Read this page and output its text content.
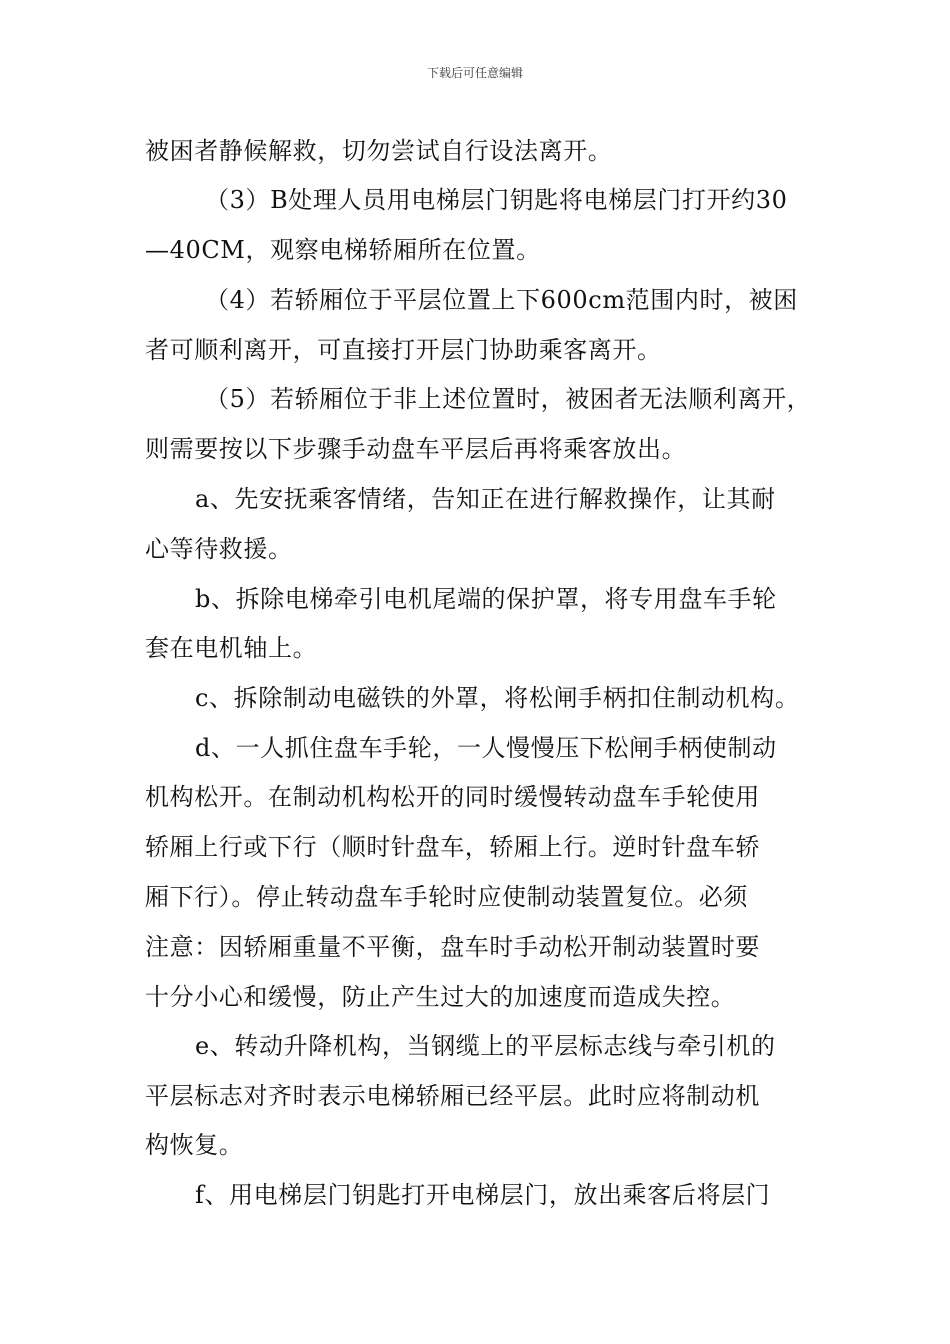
下载后可任意编辑
被困者静候解救，切勿尝试自行设法离开。
（3）B处理人员用电梯层门钥匙将电梯层门打开约30
—40CM，观察电梯轿厢所在位置。
（4）若轿厢位于平层位置上下600cm范围内时，被困
者可顺利离开，可直接打开层门协助乘客离开。
（5）若轿厢位于非上述位置时，被困者无法顺利离开，
则需要按以下步骤手动盘车平层后再将乘客放出。
a、先安抚乘客情绪，告知正在进行解救操作，让其耐
心等待救援。
b、拆除电梯牵引电机尾端的保护罩，将专用盘车手轮
套在电机轴上。
c、拆除制动电磁铁的外罩，将松闸手柄扣住制动机构。
d、一人抓住盘车手轮，一人慢慢压下松闸手柄使制动
机构松开。在制动机构松开的同时缓慢转动盘车手轮使用
轿厢上行或下行（顺时针盘车，轿厢上行。逆时针盘车轿
厢下行）。停止转动盘车手轮时应使制动装置复位。必须
注意：因轿厢重量不平衡，盘车时手动松开制动装置时要
十分小心和缓慢，防止产生过大的加速度而造成失控。
e、转动升降机构，当钢缆上的平层标志线与牵引机的
平层标志对齐时表示电梯轿厢已经平层。此时应将制动机
构恢复。
f、用电梯层门钥匙打开电梯层门，放出乘客后将层门
